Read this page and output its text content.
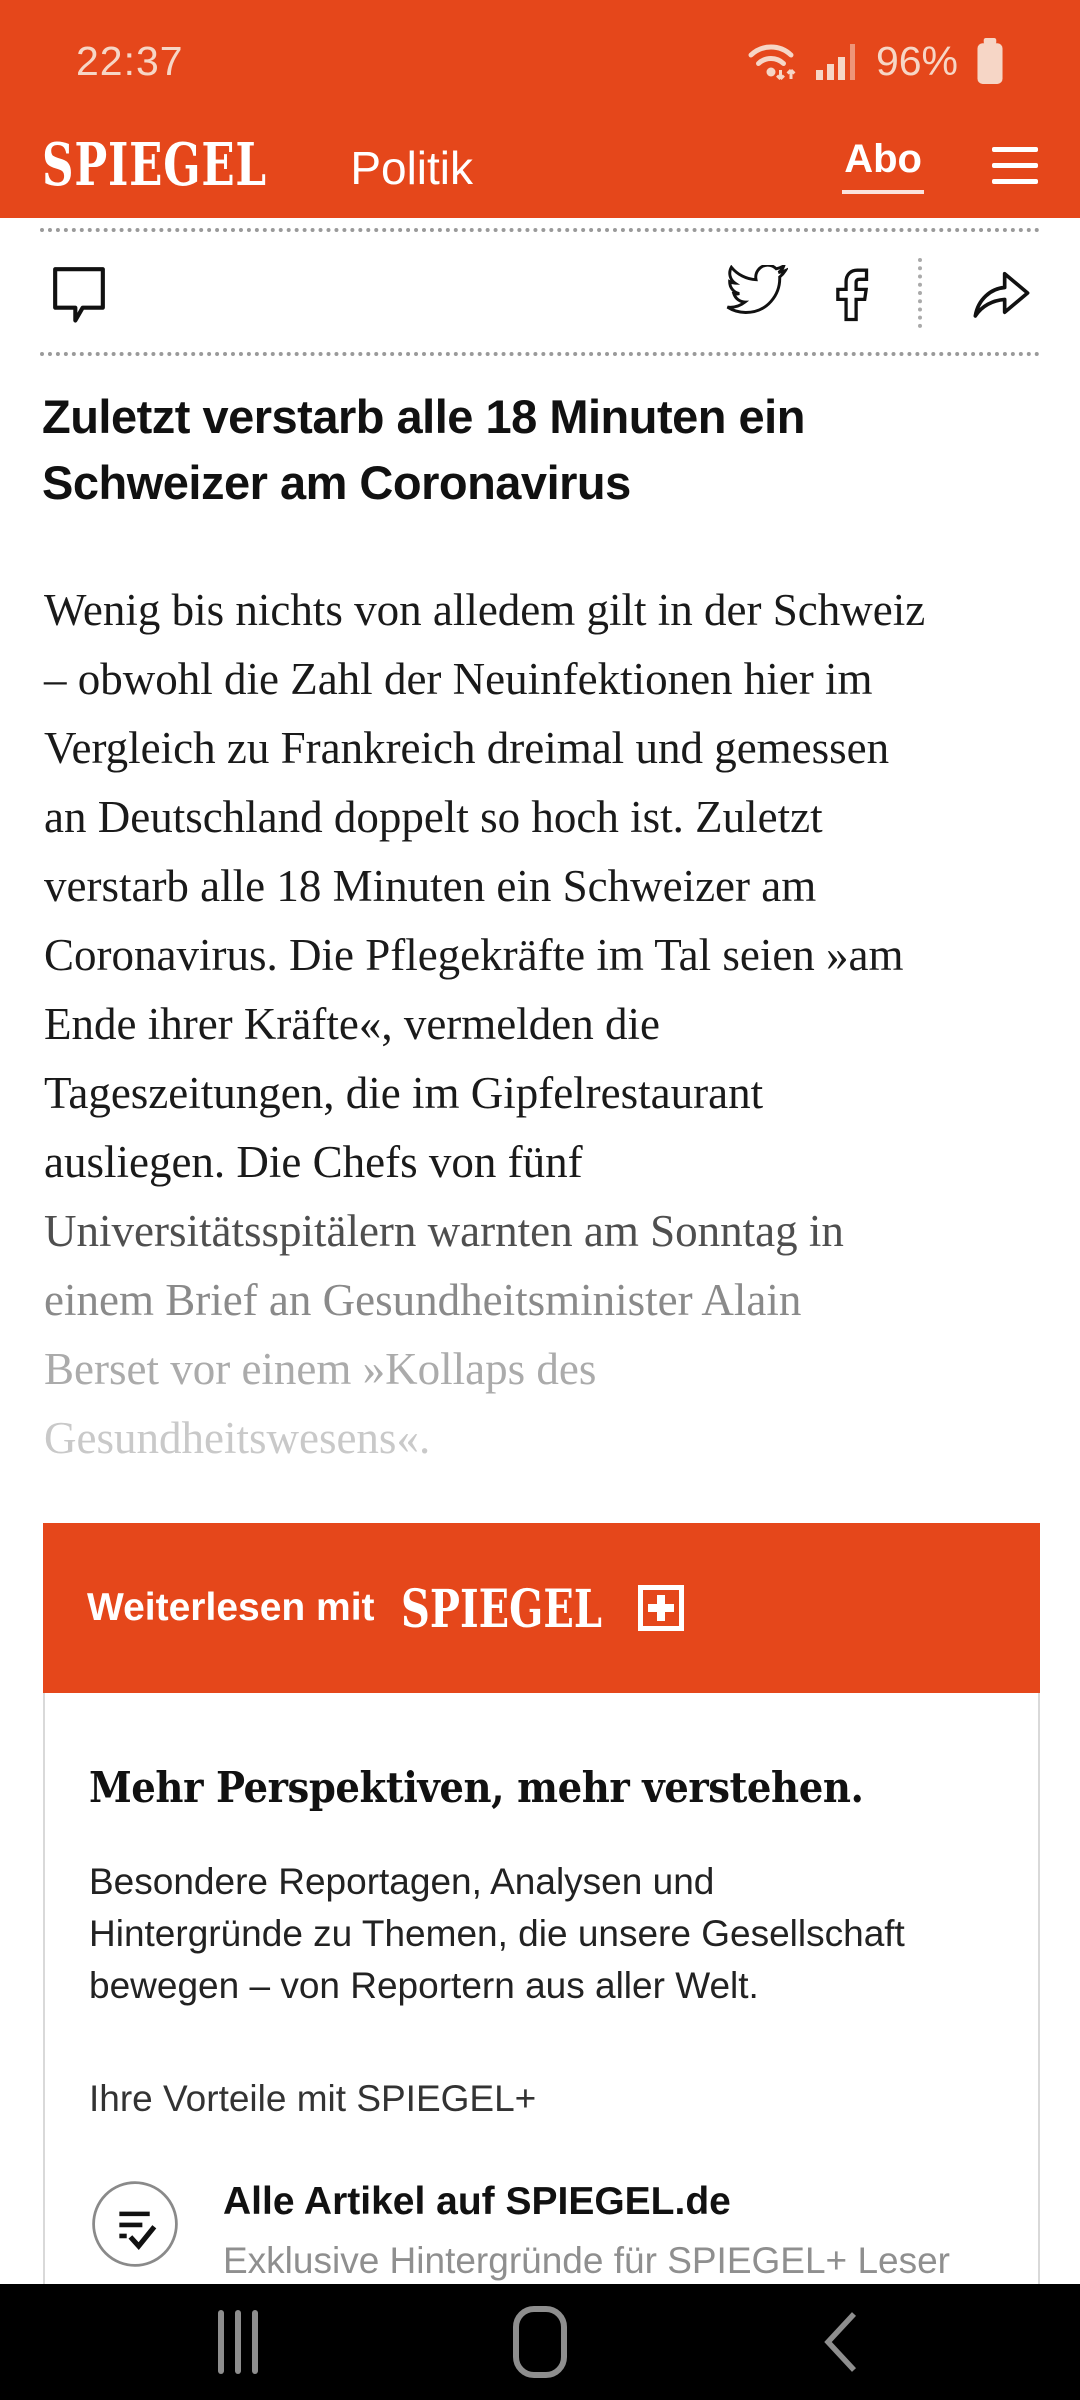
22:37	96%
SPIEGEL Politik	Abo
Zuletzt verstarb alle 18 Minuten ein Schweizer am Coronavirus
Wenig bis nichts von alledem gilt in der Schweiz
– obwohl die Zahl der Neuinfektionen hier im
Vergleich zu Frankreich dreimal und gemessen
an Deutschland doppelt so hoch ist. Zuletzt
verstarb alle 18 Minuten ein Schweizer am
Coronavirus. Die Pflegekräfte im Tal seien »am
Ende ihrer Kräfte«, vermelden die
Tageszeitungen, die im Gipfelrestaurant
ausliegen. Die Chefs von fünf
Universitätsspitälern warnten am Sonntag in
einem Brief an Gesundheitsminister Alain
Berset vor einem »Kollaps des
Gesundheitswesens«.
Weiterlesen mit SPIEGEL
Mehr Perspektiven, mehr verstehen.

Besondere Reportagen, Analysen und Hintergründe zu Themen, die unsere Gesellschaft bewegen – von Reportern aus aller Welt.

Ihre Vorteile mit SPIEGEL+

Alle Artikel auf SPIEGEL.de
Exklusive Hintergründe für SPIEGEL+ Leser
